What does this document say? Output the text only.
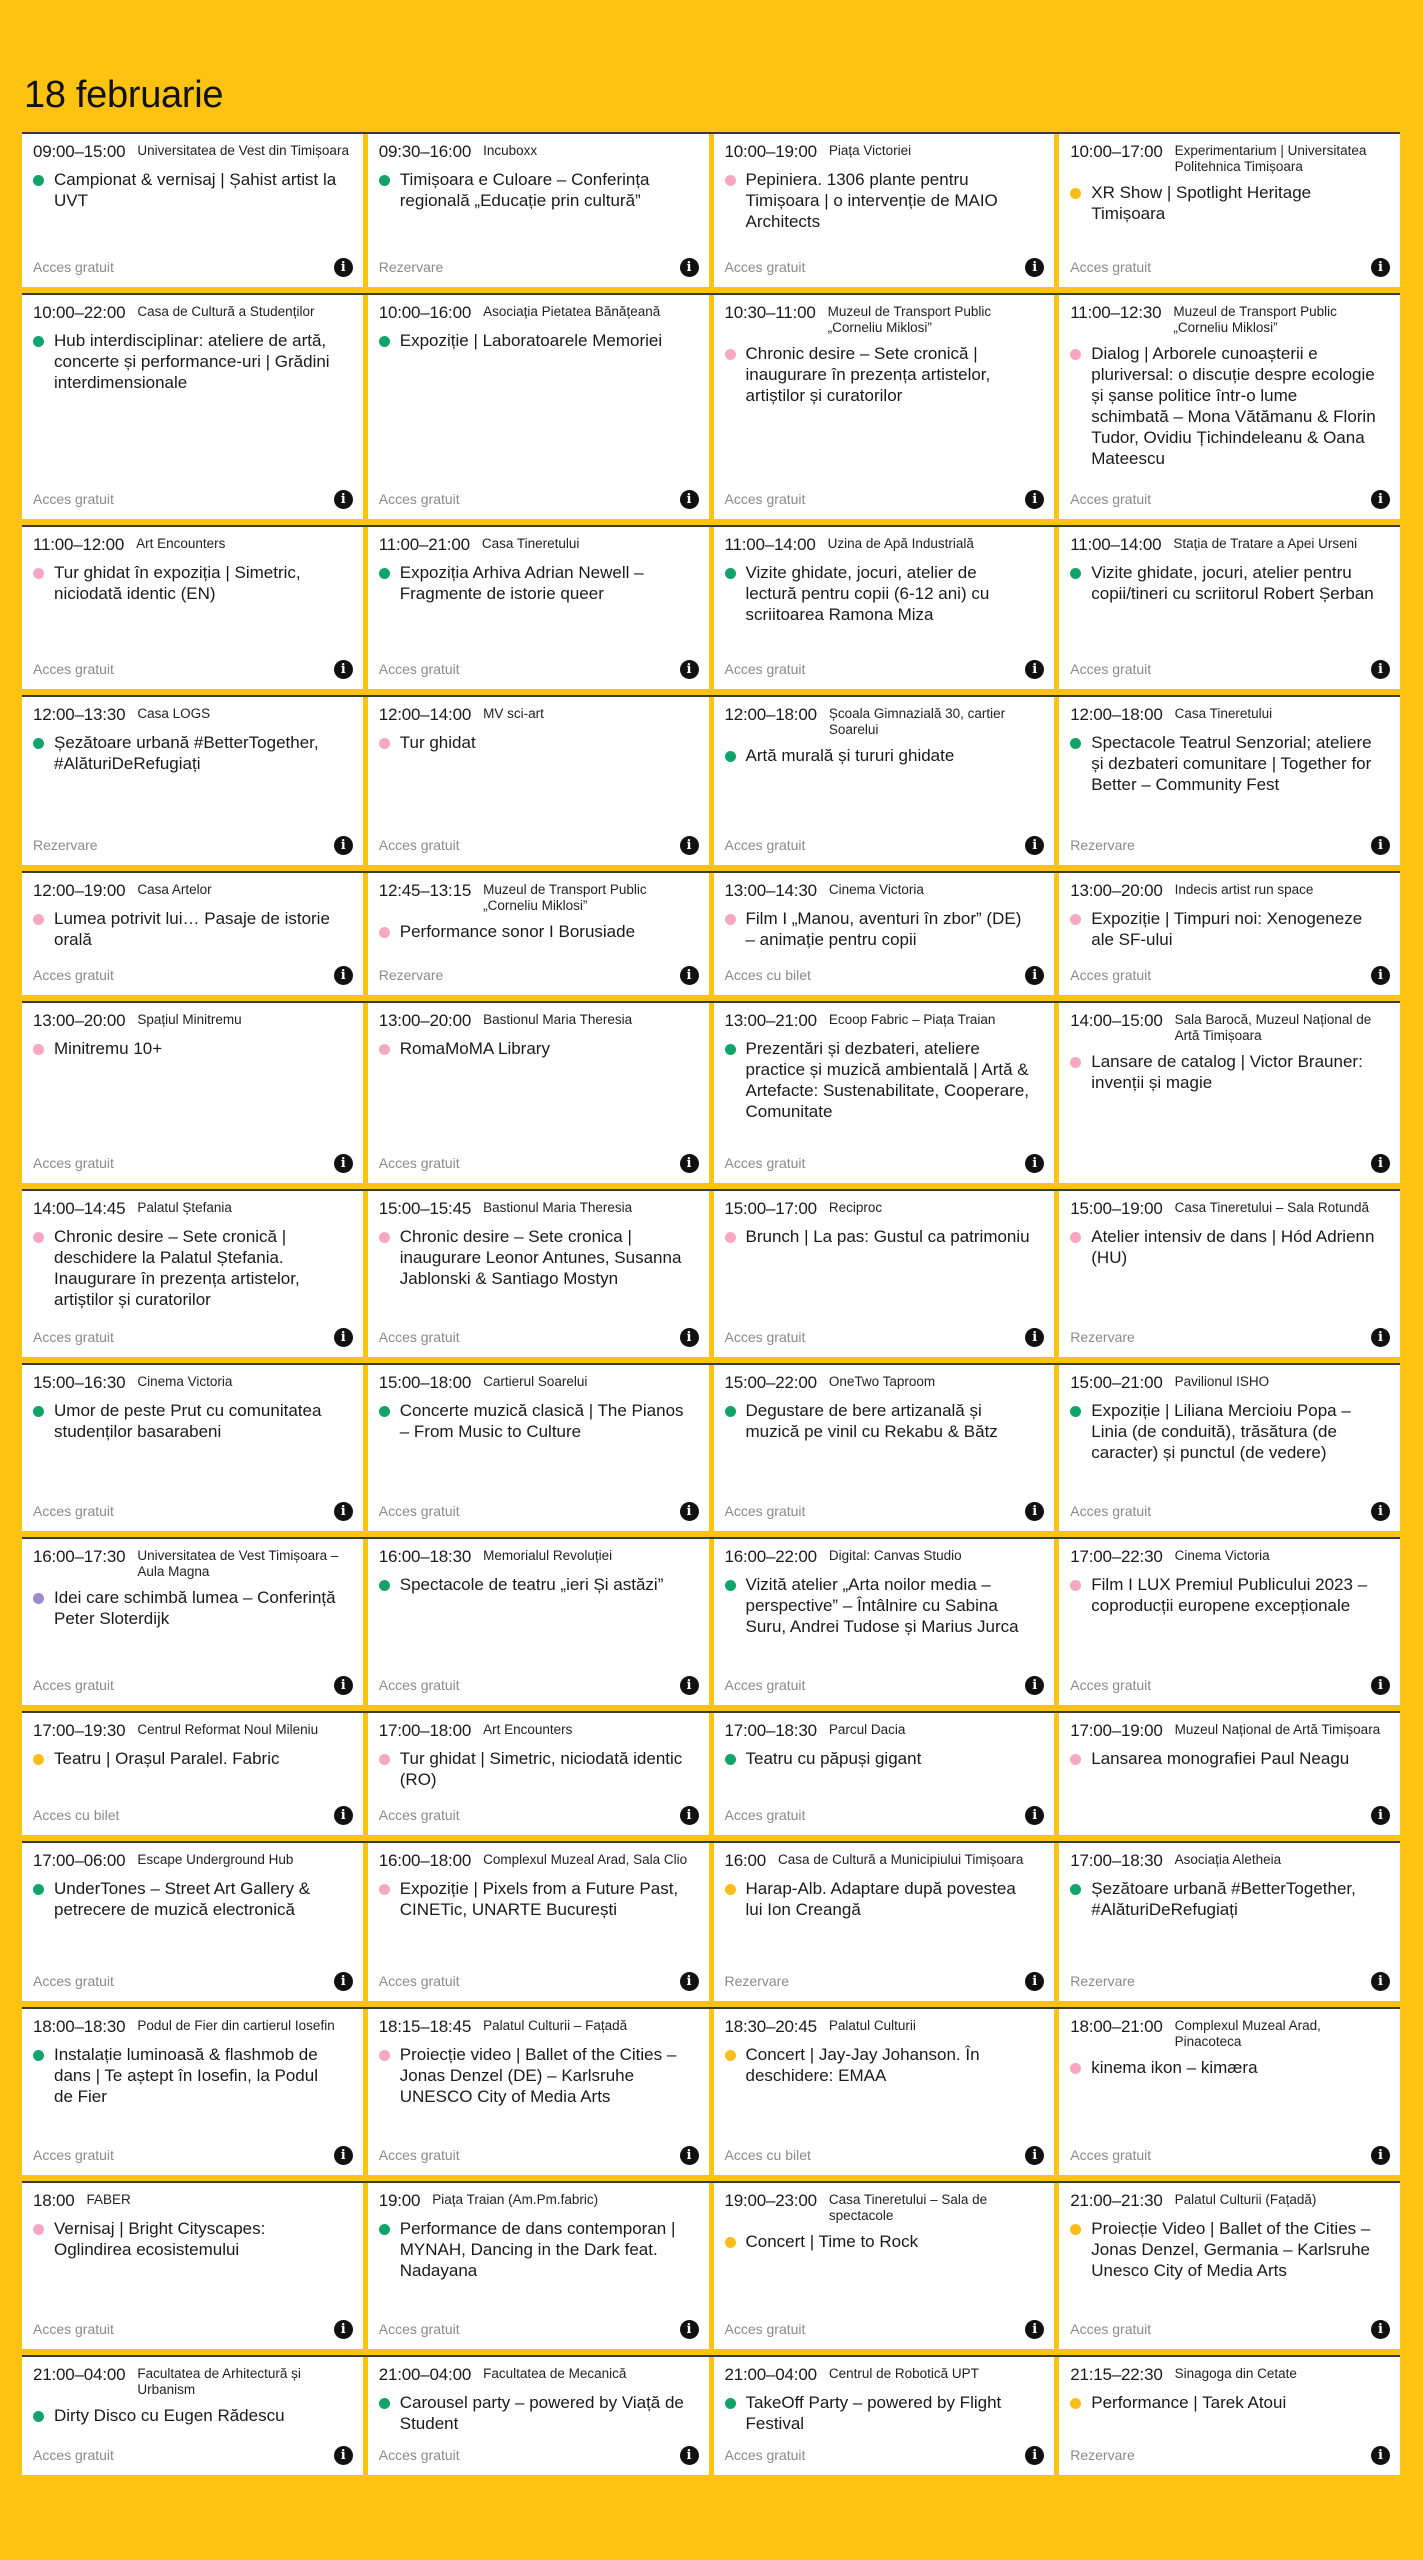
18 februarie
09:00–15:00 Universitatea de Vest din Timișoara
Campionat & vernisaj | Șahist artist la UVT
Acces gratuit	i
09:30–16:00 Incuboxx
Timișoara e Culoare – Conferința regională „Educație prin cultură”
Rezervare	i
10:00–19:00 Piața Victoriei
Pepiniera. 1306 plante pentru Timișoara | o intervenție de MAIO Architects
Acces gratuit	i
10:00–17:00 Experimentarium | Universitatea Politehnica Timișoara
XR Show | Spotlight Heritage Timișoara
Acces gratuit	i
10:00–22:00 Casa de Cultură a Studenților
Hub interdisciplinar: ateliere de artă, concerte și performance-uri | Grădini interdimensionale
Acces gratuit	i
10:00–16:00 Asociația Pietatea Bănățeană
Expoziție | Laboratoarele Memoriei
Acces gratuit	i
10:30–11:00 Muzeul de Transport Public „Corneliu Miklosi”
Chronic desire – Sete cronică | inaugurare în prezența artistelor, artiștilor și curatorilor
Acces gratuit	i
11:00–12:30 Muzeul de Transport Public „Corneliu Miklosi”
Dialog | Arborele cunoașterii e pluriversal: o discuție despre ecologie și șanse politice într-o lume schimbată – Mona Vătămanu & Florin Tudor, Ovidiu Țichindeleanu & Oana Mateescu
Acces gratuit	i
11:00–12:00 Art Encounters
Tur ghidat în expoziția | Simetric, niciodată identic (EN)
Acces gratuit	i
11:00–21:00 Casa Tineretului
Expoziția Arhiva Adrian Newell – Fragmente de istorie queer
Acces gratuit	i
11:00–14:00 Uzina de Apă Industrială
Vizite ghidate, jocuri, atelier de lectură pentru copii (6-12 ani) cu scriitoarea Ramona Miza
Acces gratuit	i
11:00–14:00 Stația de Tratare a Apei Urseni
Vizite ghidate, jocuri, atelier pentru copii/tineri cu scriitorul Robert Șerban
Acces gratuit	i
12:00–13:30 Casa LOGS
Șezătoare urbană #BetterTogether, #AlăturiDeRefugiați
Rezervare	i
12:00–14:00 MV sci-art
Tur ghidat
Acces gratuit	i
12:00–18:00 Școala Gimnazială 30, cartier Soarelui
Artă murală și tururi ghidate
Acces gratuit	i
12:00–18:00 Casa Tineretului
Spectacole Teatrul Senzorial; ateliere și dezbateri comunitare | Together for Better – Community Fest
Rezervare	i
12:00–19:00 Casa Artelor
Lumea potrivit lui… Pasaje de istorie orală
Acces gratuit	i
12:45–13:15 Muzeul de Transport Public „Corneliu Miklosi”
Performance sonor I Borusiade
Rezervare	i
13:00–14:30 Cinema Victoria
Film I „Manou, aventuri în zbor” (DE) – animație pentru copii
Acces cu bilet	i
13:00–20:00 Indecis artist run space
Expoziție | Timpuri noi: Xenogeneze ale SF-ului
Acces gratuit	i
13:00–20:00 Spațiul Minitremu
Minitremu 10+
Acces gratuit	i
13:00–20:00 Bastionul Maria Theresia
RomaMoMA Library
Acces gratuit	i
13:00–21:00 Ecoop Fabric – Piața Traian
Prezentări și dezbateri, ateliere practice și muzică ambientală | Artă & Artefacte: Sustenabilitate, Cooperare, Comunitate
Acces gratuit	i
14:00–15:00 Sala Barocă, Muzeul Național de Artă Timișoara
Lansare de catalog | Victor Brauner: invenții și magie
i
14:00–14:45 Palatul Ștefania
Chronic desire – Sete cronică | deschidere la Palatul Ștefania. Inaugurare în prezența artistelor, artiștilor și curatorilor
Acces gratuit	i
15:00–15:45 Bastionul Maria Theresia
Chronic desire – Sete cronica | inaugurare Leonor Antunes, Susanna Jablonski & Santiago Mostyn
Acces gratuit	i
15:00–17:00 Reciproc
Brunch | La pas: Gustul ca patrimoniu
Acces gratuit	i
15:00–19:00 Casa Tineretului – Sala Rotundă
Atelier intensiv de dans | Hód Adrienn (HU)
Rezervare	i
15:00–16:30 Cinema Victoria
Umor de peste Prut cu comunitatea studenților basarabeni
Acces gratuit	i
15:00–18:00 Cartierul Soarelui
Concerte muzică clasică | The Pianos – From Music to Culture
Acces gratuit	i
15:00–22:00 OneTwo Taproom
Degustare de bere artizanală și muzică pe vinil cu Rekabu & Bătz
Acces gratuit	i
15:00–21:00 Pavilionul ISHO
Expoziție | Liliana Mercioiu Popa – Linia (de conduită), trăsătura (de caracter) și punctul (de vedere)
Acces gratuit	i
16:00–17:30 Universitatea de Vest Timișoara – Aula Magna
Idei care schimbă lumea – Conferință Peter Sloterdijk
Acces gratuit	i
16:00–18:30 Memorialul Revoluției
Spectacole de teatru „ieri Și astăzi”
Acces gratuit	i
16:00–22:00 Digital: Canvas Studio
Vizită atelier „Arta noilor media – perspective” – Întâlnire cu Sabina Suru, Andrei Tudose și Marius Jurca
Acces gratuit	i
17:00–22:30 Cinema Victoria
Film I LUX Premiul Publicului 2023 – coproducții europene excepționale
Acces gratuit	i
17:00–19:30 Centrul Reformat Noul Mileniu
Teatru | Orașul Paralel. Fabric
Acces cu bilet	i
17:00–18:00 Art Encounters
Tur ghidat | Simetric, niciodată identic (RO)
Acces gratuit	i
17:00–18:30 Parcul Dacia
Teatru cu păpuși gigant
Acces gratuit	i
17:00–19:00 Muzeul Național de Artă Timișoara
Lansarea monografiei Paul Neagu
i
17:00–06:00 Escape Underground Hub
UnderTones – Street Art Gallery & petrecere de muzică electronică
Acces gratuit	i
16:00–18:00 Complexul Muzeal Arad, Sala Clio
Expoziție | Pixels from a Future Past, CINETic, UNARTE București
Acces gratuit	i
16:00 Casa de Cultură a Municipiului Timișoara
Harap-Alb. Adaptare după povestea lui Ion Creangă
Rezervare	i
17:00–18:30 Asociația Aletheia
Șezătoare urbană #BetterTogether, #AlăturiDeRefugiați
Rezervare	i
18:00–18:30 Podul de Fier din cartierul Iosefin
Instalație luminoasă & flashmob de dans | Te aștept în Iosefin, la Podul de Fier
Acces gratuit	i
18:15–18:45 Palatul Culturii – Fațadă
Proiecție video | Ballet of the Cities – Jonas Denzel (DE) – Karlsruhe UNESCO City of Media Arts
Acces gratuit	i
18:30–20:45 Palatul Culturii
Concert | Jay-Jay Johanson. În deschidere: EMAA
Acces cu bilet	i
18:00–21:00 Complexul Muzeal Arad, Pinacoteca
kinema ikon – kimæra
Acces gratuit	i
18:00 FABER
Vernisaj | Bright Cityscapes: Oglindirea ecosistemului
Acces gratuit	i
19:00 Piața Traian (Am.Pm.fabric)
Performance de dans contemporan | MYNAH, Dancing in the Dark feat. Nadayana
Acces gratuit	i
19:00–23:00 Casa Tineretului – Sala de spectacole
Concert | Time to Rock
Acces gratuit	i
21:00–21:30 Palatul Culturii (Fațadă)
Proiecție Video | Ballet of the Cities – Jonas Denzel, Germania – Karlsruhe Unesco City of Media Arts
Acces gratuit	i
21:00–04:00 Facultatea de Arhitectură și Urbanism
Dirty Disco cu Eugen Rădescu
Acces gratuit	i
21:00–04:00 Facultatea de Mecanică
Carousel party – powered by Viață de Student
Acces gratuit	i
21:00–04:00 Centrul de Robotică UPT
TakeOff Party – powered by Flight Festival
Acces gratuit	i
21:15–22:30 Sinagoga din Cetate
Performance | Tarek Atoui
Rezervare	i
